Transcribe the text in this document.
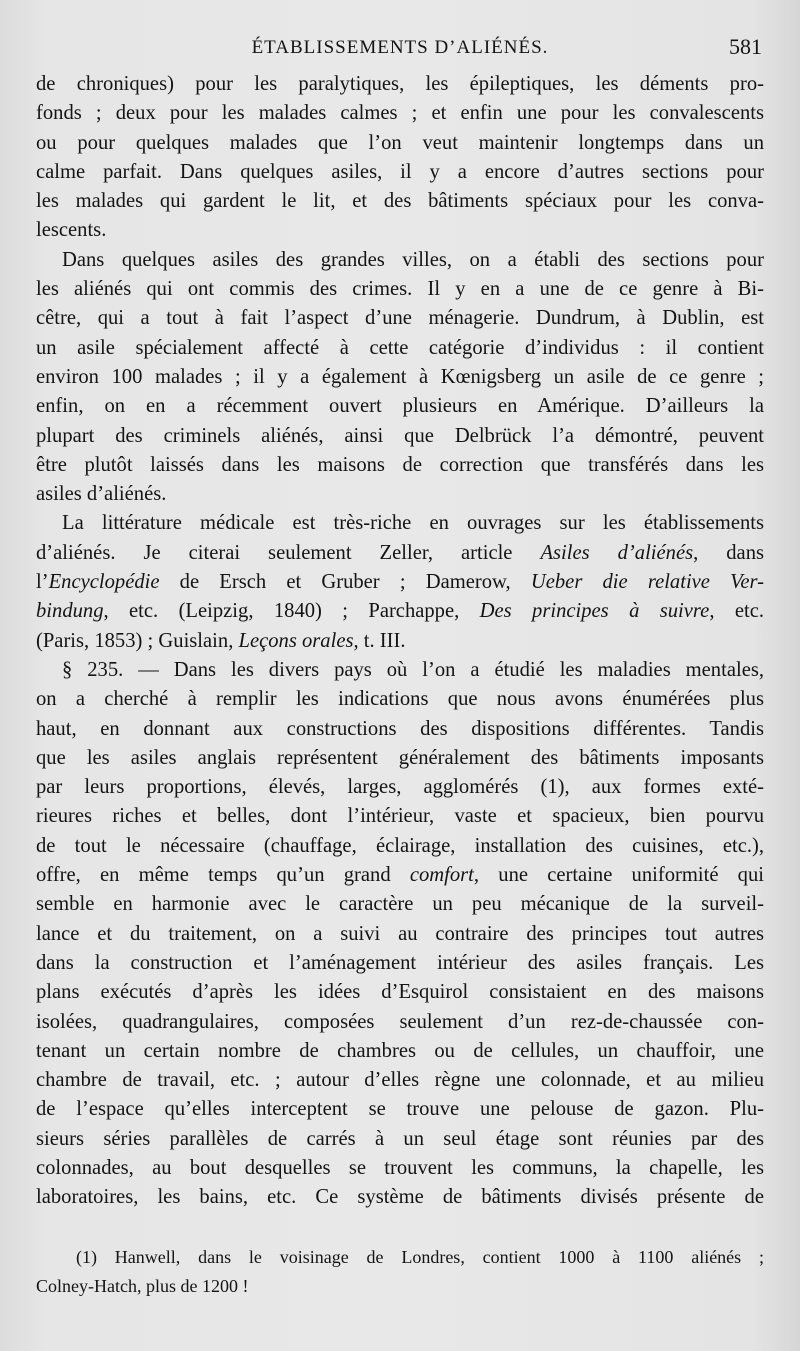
ÉTABLISSEMENTS D’ALIÉNÉS.	581
de chroniques) pour les paralytiques, les épileptiques, les déments pro-
fonds ; deux pour les malades calmes ; et enfin une pour les convalescents
ou pour quelques malades que l’on veut maintenir longtemps dans un
calme parfait. Dans quelques asiles, il y a encore d’autres sections pour
les malades qui gardent le lit, et des bâtiments spéciaux pour les conva-
lescents.
Dans quelques asiles des grandes villes, on a établi des sections pour
les aliénés qui ont commis des crimes. Il y en a une de ce genre à Bi-
cêtre, qui a tout à fait l’aspect d’une ménagerie. Dundrum, à Dublin, est
un asile spécialement affecté à cette catégorie d’individus : il contient
environ 100 malades ; il y a également à Kœnigsberg un asile de ce genre ;
enfin, on en a récemment ouvert plusieurs en Amérique. D’ailleurs la
plupart des criminels aliénés, ainsi que Delbrück l’a démontré, peuvent
être plutôt laissés dans les maisons de correction que transférés dans les
asiles d’aliénés.
La littérature médicale est très-riche en ouvrages sur les établissements
d’aliénés. Je citerai seulement Zeller, article Asiles d’aliénés, dans
l’Encyclopédie de Ersch et Gruber ; Damerow, Ueber die relative Ver-
bindung, etc. (Leipzig, 1840) ; Parchappe, Des principes à suivre, etc.
(Paris, 1853) ; Guislain, Leçons orales, t. III.
§ 235. — Dans les divers pays où l’on a étudié les maladies mentales,
on a cherché à remplir les indications que nous avons énumérées plus
haut, en donnant aux constructions des dispositions différentes. Tandis
que les asiles anglais représentent généralement des bâtiments imposants
par leurs proportions, élevés, larges, agglomérés (1), aux formes exté-
rieures riches et belles, dont l’intérieur, vaste et spacieux, bien pourvu
de tout le nécessaire (chauffage, éclairage, installation des cuisines, etc.),
offre, en même temps qu’un grand comfort, une certaine uniformité qui
semble en harmonie avec le caractère un peu mécanique de la surveil-
lance et du traitement, on a suivi au contraire des principes tout autres
dans la construction et l’aménagement intérieur des asiles français. Les
plans exécutés d’après les idées d’Esquirol consistaient en des maisons
isolées, quadrangulaires, composées seulement d’un rez-de-chaussée con-
tenant un certain nombre de chambres ou de cellules, un chauffoir, une
chambre de travail, etc. ; autour d’elles règne une colonnade, et au milieu
de l’espace qu’elles interceptent se trouve une pelouse de gazon. Plu-
sieurs séries parallèles de carrés à un seul étage sont réunies par des
colonnades, au bout desquelles se trouvent les communs, la chapelle, les
laboratoires, les bains, etc. Ce système de bâtiments divisés présente de
(1) Hanwell, dans le voisinage de Londres, contient 1000 à 1100 aliénés ;
Colney-Hatch, plus de 1200 !
